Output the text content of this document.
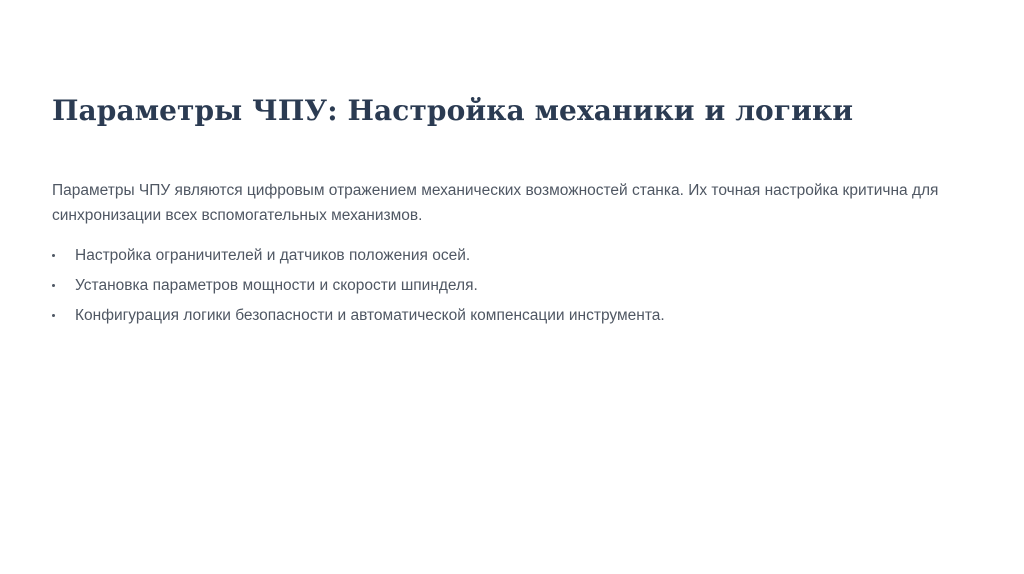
Параметры ЧПУ: Настройка механики и логики

Параметры ЧПУ являются цифровым отражением механических возможностей станка. Их точная настройка критична для синхронизации всех вспомогательных механизмов.

Настройка ограничителей и датчиков положения осей.
Установка параметров мощности и скорости шпинделя.
Конфигурация логики безопасности и автоматической компенсации инструмента.
